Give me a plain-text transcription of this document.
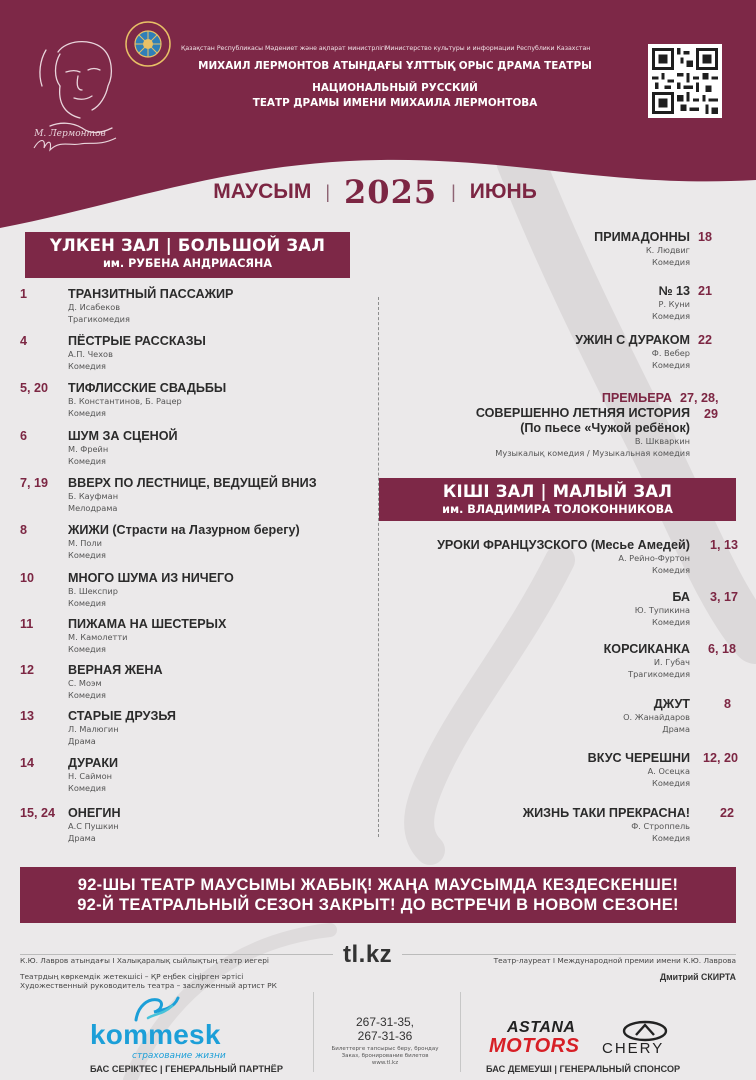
М. Лермонтов
Қазақстан Республикасы Мәдениет және ақпарат министрлігі Министерство культуры и информации Республики Казахстан
МИХАИЛ ЛЕРМОНТОВ АТЫНДАҒЫ ҰЛТТЫҚ ОРЫС ДРАМА ТЕАТРЫ
НАЦИОНАЛЬНЫЙ РУССКИЙ
ТЕАТР ДРАМЫ ИМЕНИ МИХАИЛА ЛЕРМОНТОВА
МАУСЫМ | 2025 | ИЮНЬ
ҮЛКЕН ЗАЛ | БОЛЬШОЙ ЗАЛ
им. РУБЕНА АНДРИАСЯНА
1	ТРАНЗИТНЫЙ ПАССАЖИР
Д. Исабеков
Трагикомедия
4	ПЁСТРЫЕ РАССКАЗЫ
А.П. Чехов
Комедия
5, 20 ТИФЛИССКИЕ СВАДЬБЫ
В. Константинов, Б. Рацер
Комедия
6	ШУМ ЗА СЦЕНОЙ
М. Фрейн
Комедия
7, 19 ВВЕРХ ПО ЛЕСТНИЦЕ, ВЕДУЩЕЙ ВНИЗ
Б. Кауфман
Мелодрама
8	ЖИЖИ (Страсти на Лазурном берегу)
М. Поли
Комедия
10	МНОГО ШУМА ИЗ НИЧЕГО
В. Шекспир
Комедия
11	ПИЖАМА НА ШЕСТЕРЫХ
М. Камолетти
Комедия
12	ВЕРНАЯ ЖЕНА
С. Моэм
Комедия
13	СТАРЫЕ ДРУЗЬЯ
Л. Малюгин
Драма
14	ДУРАКИ
Н. Саймон
Комедия
15, 24 ОНЕГИН
А.С Пушкин
Драма
18
ПРИМАДОННЫ
К. Людвиг
Комедия
21
№ 13
Р. Куни
Комедия
22
УЖИН С ДУРАКОМ
Ф. Вебер
Комедия
27, 28,
29
ПРЕМЬЕРА
СОВЕРШЕННО ЛЕТНЯЯ ИСТОРИЯ
(По пьесе «Чужой ребёнок)
В. Шкваркин
Музыкалық комедия / Музыкальная комедия
КІШІ ЗАЛ | МАЛЫЙ ЗАЛ
им. ВЛАДИМИРА ТОЛОКОННИКОВА
1, 13
УРОКИ ФРАНЦУЗСКОГО (Месье Амедей)
А. Рейно-Фуртон
Комедия
3, 17
БА
Ю. Тупикина
Комедия
6, 18
КОРСИКАНКА
И. Губач
Трагикомедия
8
ДЖУТ
О. Жанайдаров
Драма
12, 20
ВКУС ЧЕРЕШНИ
А. Осецка
Комедия
22
ЖИЗНЬ ТАКИ ПРЕКРАСНА!
Ф. Строппель
Комедия
92-ШЫ ТЕАТР МАУСЫМЫ ЖАБЫҚ! ЖАҢА МАУСЫМДА КЕЗДЕСКЕНШЕ!
92-Й ТЕАТРАЛЬНЫЙ СЕЗОН ЗАКРЫТ! ДО ВСТРЕЧИ В НОВОМ СЕЗОНЕ!
К.Ю. Лавров атындағы I Халықаралық сыйлықтың театр иегері	tl.kz	Театр-лауреат I Международной премии имени К.Ю. Лаврова
Театрдың көркемдік жетекшісі – ҚР еңбек сіңірген әртісі
Художественный руководитель театра – заслуженный артист РК
Дмитрий СКИРТА
kommesk
страхование жизни
БАС СЕРІКТЕС | ГЕНЕРАЛЬНЫЙ ПАРТНЁР
267-31-35,
267-31-36
Билеттерге тапсырыс беру, брондау
Заказ, бронирование билетов
www.tl.kz
ASTANA
MOTORS CHERY
БАС ДЕМЕУШІ | ГЕНЕРАЛЬНЫЙ СПОНСОР
